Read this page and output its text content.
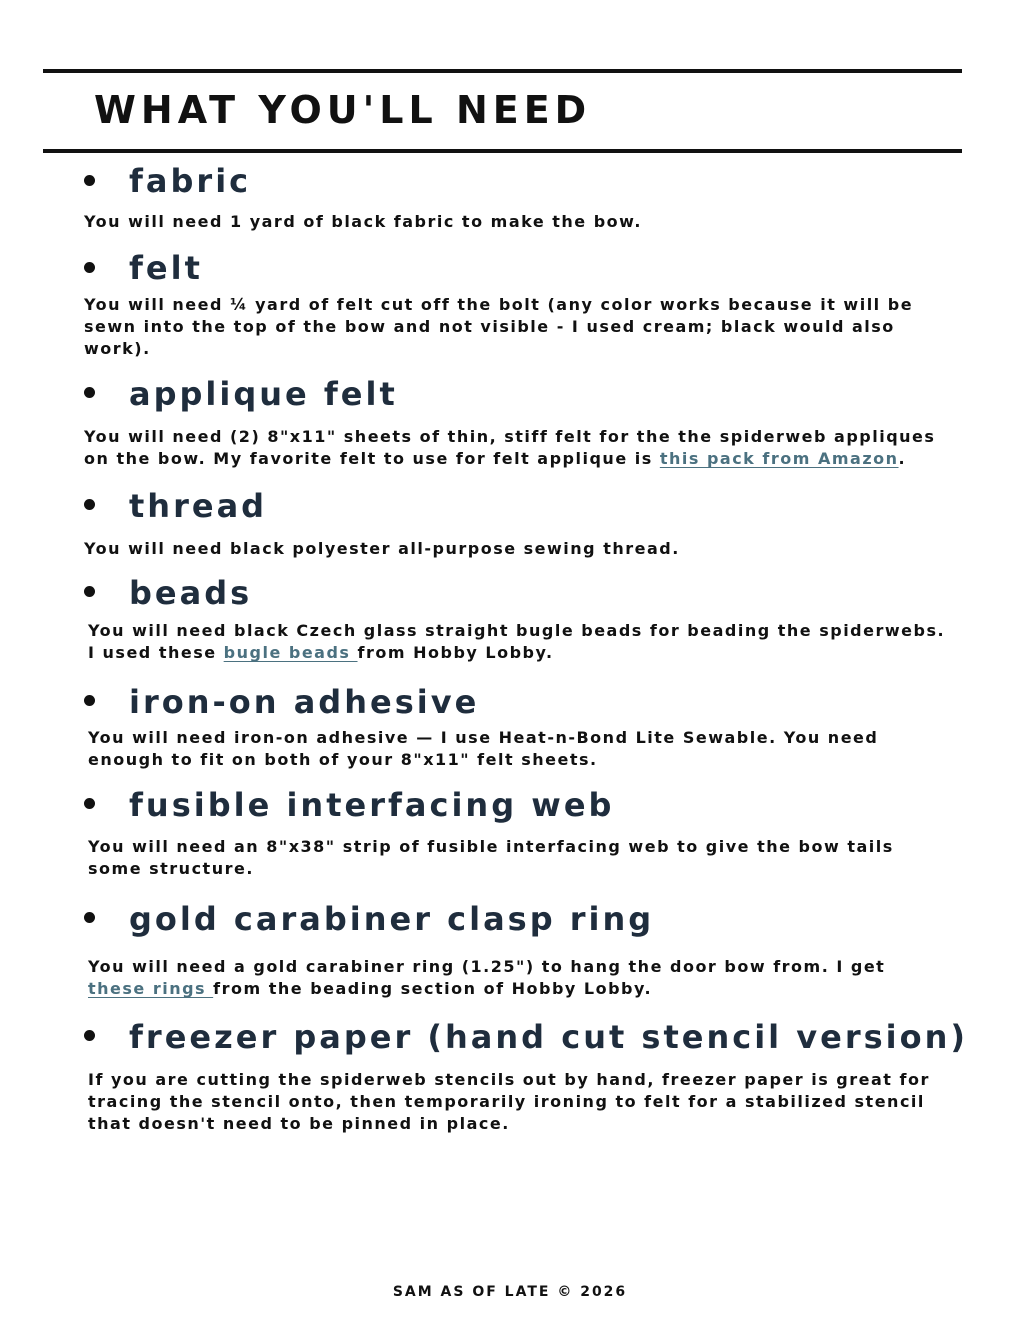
WHAT YOU'LL NEED
fabric

You will need 1 yard of black fabric to make the bow.

felt

You will need ¼ yard of felt cut off the bolt (any color works because it will be sewn into the top of the bow and not visible - I used cream; black would also work).

applique felt

You will need (2) 8"x11" sheets of thin, stiff felt for the the spiderweb appliques on the bow. My favorite felt to use for felt applique is this pack from Amazon.

thread

You will need black polyester all-purpose sewing thread.

beads

You will need black Czech glass straight bugle beads for beading the spiderwebs. I used these bugle beads from Hobby Lobby.

iron-on adhesive

You will need iron-on adhesive — I use Heat-n-Bond Lite Sewable. You need enough to fit on both of your 8"x11" felt sheets.

fusible interfacing web

You will need an 8"x38" strip of fusible interfacing web to give the bow tails some structure.

gold carabiner clasp ring

You will need a gold carabiner ring (1.25") to hang the door bow from. I get these rings from the beading section of Hobby Lobby.

freezer paper (hand cut stencil version)

If you are cutting the spiderweb stencils out by hand, freezer paper is great for tracing the stencil onto, then temporarily ironing to felt for a stabilized stencil that doesn't need to be pinned in place.

SAM AS OF LATE © 2026
